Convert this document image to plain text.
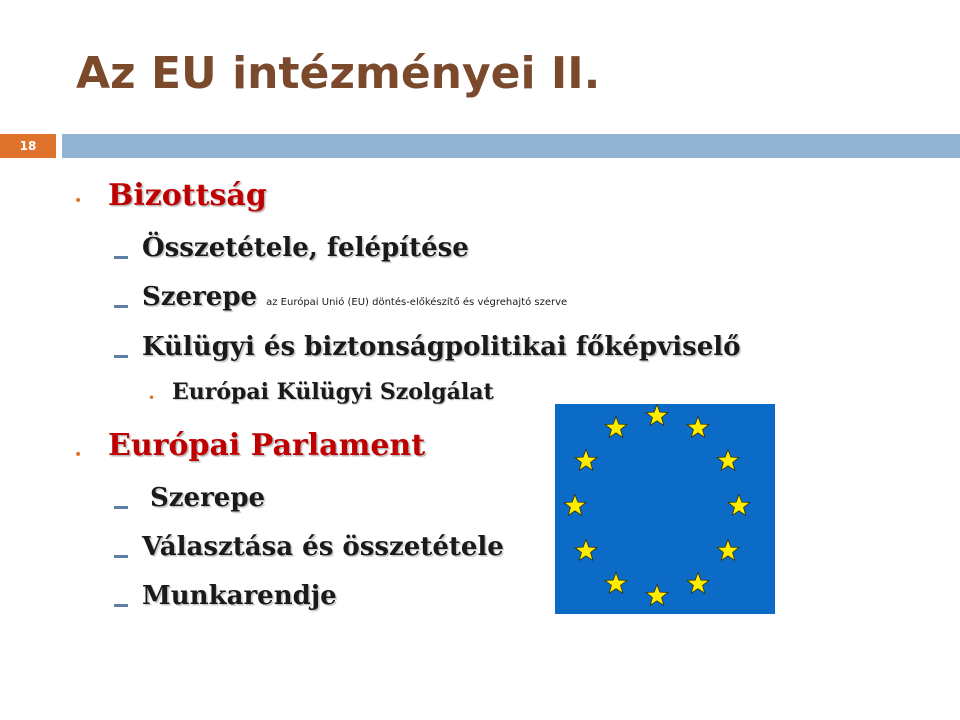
Az EU intézményei II.
18
• Bizottság
Összetétele, felépítése
Szerepe az Európai Unió (EU) döntés-előkészítő és végrehajtó szerve
Külügyi és biztonságpolitikai főképviselő
• Európai Külügyi Szolgálat
• Európai Parlament
Szerepe
Választása és összetétele
Munkarendje
